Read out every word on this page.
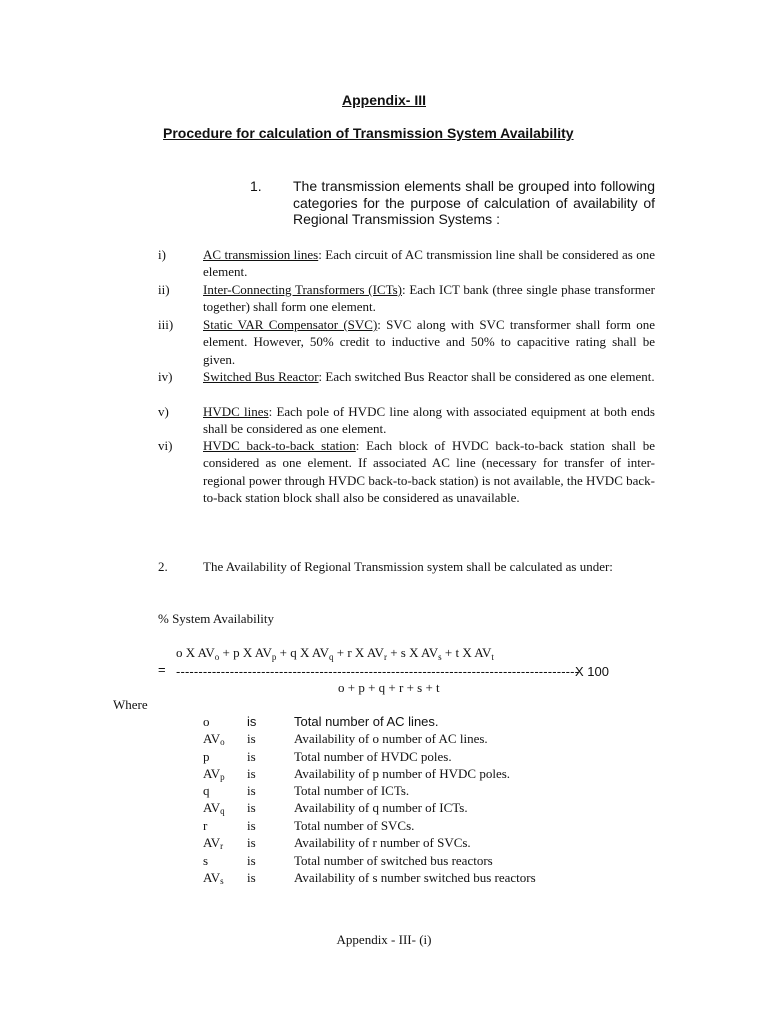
Appendix- III
Procedure for calculation of Transmission System Availability
1. The transmission elements shall be grouped into following categories for the purpose of calculation of availability of Regional Transmission Systems :
i)	AC transmission lines: Each circuit of AC transmission line shall be considered as one element.
ii)	Inter-Connecting Transformers (ICTs): Each ICT bank (three single phase transformer together) shall form one element.
iii) Static VAR Compensator (SVC): SVC along with SVC transformer shall form one element. However, 50% credit to inductive and 50% to capacitive rating shall be given.
iv) Switched Bus Reactor: Each switched Bus Reactor shall be considered as one element.
v)	HVDC lines: Each pole of HVDC line along with associated equipment at both ends shall be considered as one element.
vi) HVDC back-to-back station: Each block of HVDC back-to-back station shall be considered as one element. If associated AC line (necessary for transfer of inter-regional power through HVDC back-to-back station) is not available, the HVDC back-to-back station block shall also be considered as unavailable.
2.	The Availability of Regional Transmission system shall be calculated as under:
% System Availability
o X $AV_o + p$ X $AV_p + q$ X $AV_q + r$ X $AV_r + s$ X $AV_s + t$ X $AV_t$
= ------------------------------------------------------------------------------------------
X 100
o + p + q + r + s + t
Where
o	is	Total number of AC lines.
$AV_o$ is	Availability of o number of AC lines.
p	is	Total number of HVDC poles.
$AV_p$ is	Availability of p number of HVDC poles.
q	is	Total number of ICTs.
$AV_q$ is	Availability of q number of ICTs.
r	is	Total number of SVCs.
$AV_r$ is	Availability of r number of SVCs.
s	is	Total number of switched bus reactors
$AV_s$ is	Availability of s number switched bus reactors
Appendix - III- (i)
